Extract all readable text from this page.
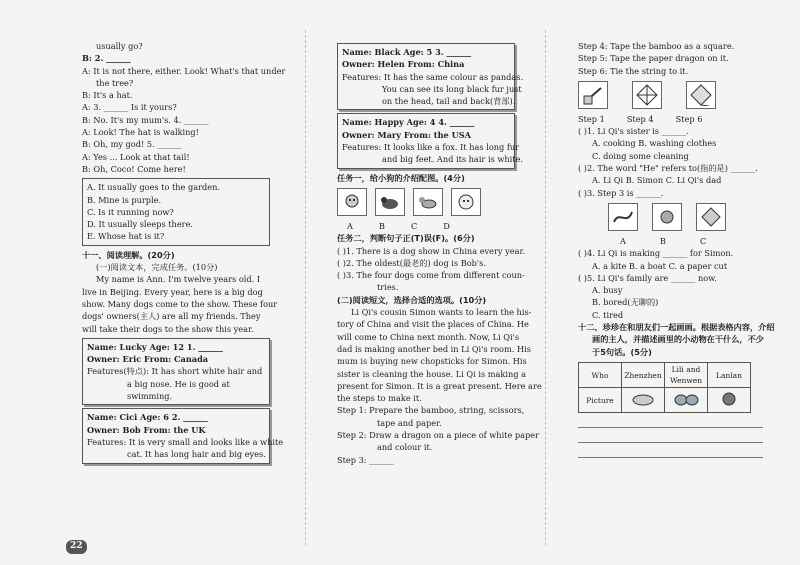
usually go?
B: 2. ______
A: It is not there, either. Look! What's that under
the tree?
B: It's a hat.
A: 3. ______ Is it yours?
B: No. It's my mum's. 4. ______
A: Look! The hat is walking!
B: Oh, my god! 5. ______
A: Yes ... Look at that tail!
B: Oh, Coco! Come here!
A. It usually goes to the garden.
B. Mine is purple.
C. Is it running now?
D. It usually sleeps there.
E. Whose hat is it?
十一、阅读理解。(20分)
(一)阅读文本，完成任务。(10分)
My name is Ann. I'm twelve years old. I
live in Beijing. Every year, here is a big dog
show. Many dogs come to the show. These four
dogs' owners(主人) are all my friends. They
will take their dogs to the show this year.
Name: Lucky Age: 12 1. ______
Owner: Eric From: Canada
Features(特点): It has short white hair and
a big nose. He is good at
swimming.
Name: Cici Age: 6 2. ______
Owner: Bob From: the UK
Features: It is very small and looks like a white
cat. It has long hair and big eyes.
Name: Black Age: 5 3. ______
Owner: Helen From: China
Features: It has the same colour as pandas.
You can see its long black fur just
on the head, tail and back(背部).
Name: Happy Age: 4 4. ______
Owner: Mary From: the USA
Features: It looks like a fox. It has long fur
and big feet. And its hair is white.
任务一，给小狗的介绍配图。(4分)
A	B	C	D
任务二，判断句子正(T)误(F)。(6分)
( )1. There is a dog show in China every year.
( )2. The oldest(最老的) dog is Bob's.
( )3. The four dogs come from different coun-
tries.
(二)阅读短文，选择合适的选项。(10分)
Li Qi's cousin Simon wants to learn the his-
tory of China and visit the places of China. He
will come to China next month. Now, Li Qi's
dad is making another bed in Li Qi's room. His
mum is buying new chopsticks for Simon. His
sister is cleaning the house. Li Qi is making a
present for Simon. It is a great present. Here are
the steps to make it.
Step 1: Prepare the bamboo, string, scissors,
tape and paper.
Step 2: Draw a dragon on a piece of white paper
and colour it.
Step 3: ______
Step 4: Tape the bamboo as a square.
Step 5: Tape the paper dragon on it.
Step 6: Tie the string to it.
Step 1	Step 4	Step 6
( )1. Li Qi's sister is ______.
A. cooking B. washing clothes
C. doing some cleaning
( )2. The word "He" refers to(指的是) ______.
A. Li Qi B. Simon C. Li Qi's dad
( )3. Step 3 is ______.
A	B	C
( )4. Li Qi is making ______ for Simon.
A. a kite B. a boat C. a paper cut
( )5. Li Qi's family are ______ now.
A. busy
B. bored(无聊的)
C. tired
十二、珍珍在和朋友们一起画画。根据表格内容，介绍
画的主人，并描述画里的小动物在干什么，不少
于5句话。(5分)
Who	Zhenzhen	Lili and Wenwen	Lanlan
Picture			
22
